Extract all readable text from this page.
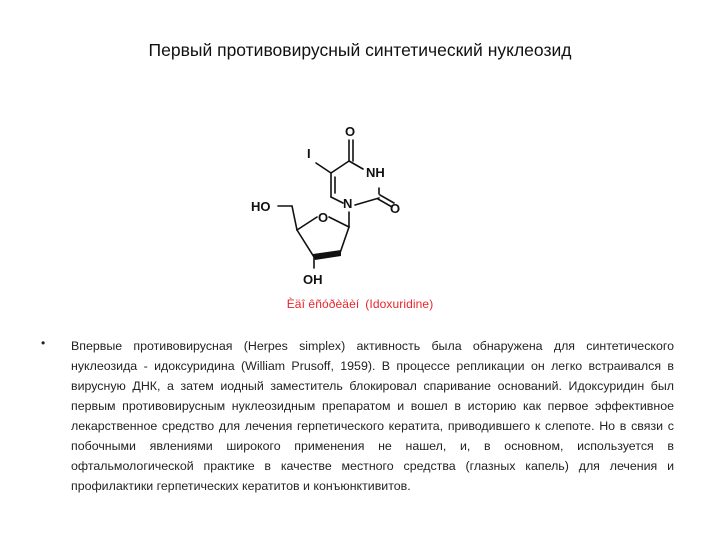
Первый противовирусный синтетический нуклеозид
O
I
NH
N	O
HO
O
OH
Èäî êñóðèäèí (Idoxuridine)
• Впервые противовирусная (Herpes simplex) активность была обнаружена для синтетического нуклеозида - идоксуридина (William Prusoff, 1959). В процессе репликации он легко встраивался в вирусную ДНК, а затем иодный заместитель блокировал спаривание оснований. Идоксуридин был первым противовирусным нуклеозидным препаратом и вошел в историю как первое эффективное лекарственное средство для лечения герпетического кератита, приводившего к слепоте. Но в связи с побочными явлениями широкого применения не нашел, и, в основном, используется в офтальмологической практике в качестве местного средства (глазных капель) для лечения и профилактики герпетических кератитов и конъюнктивитов.
